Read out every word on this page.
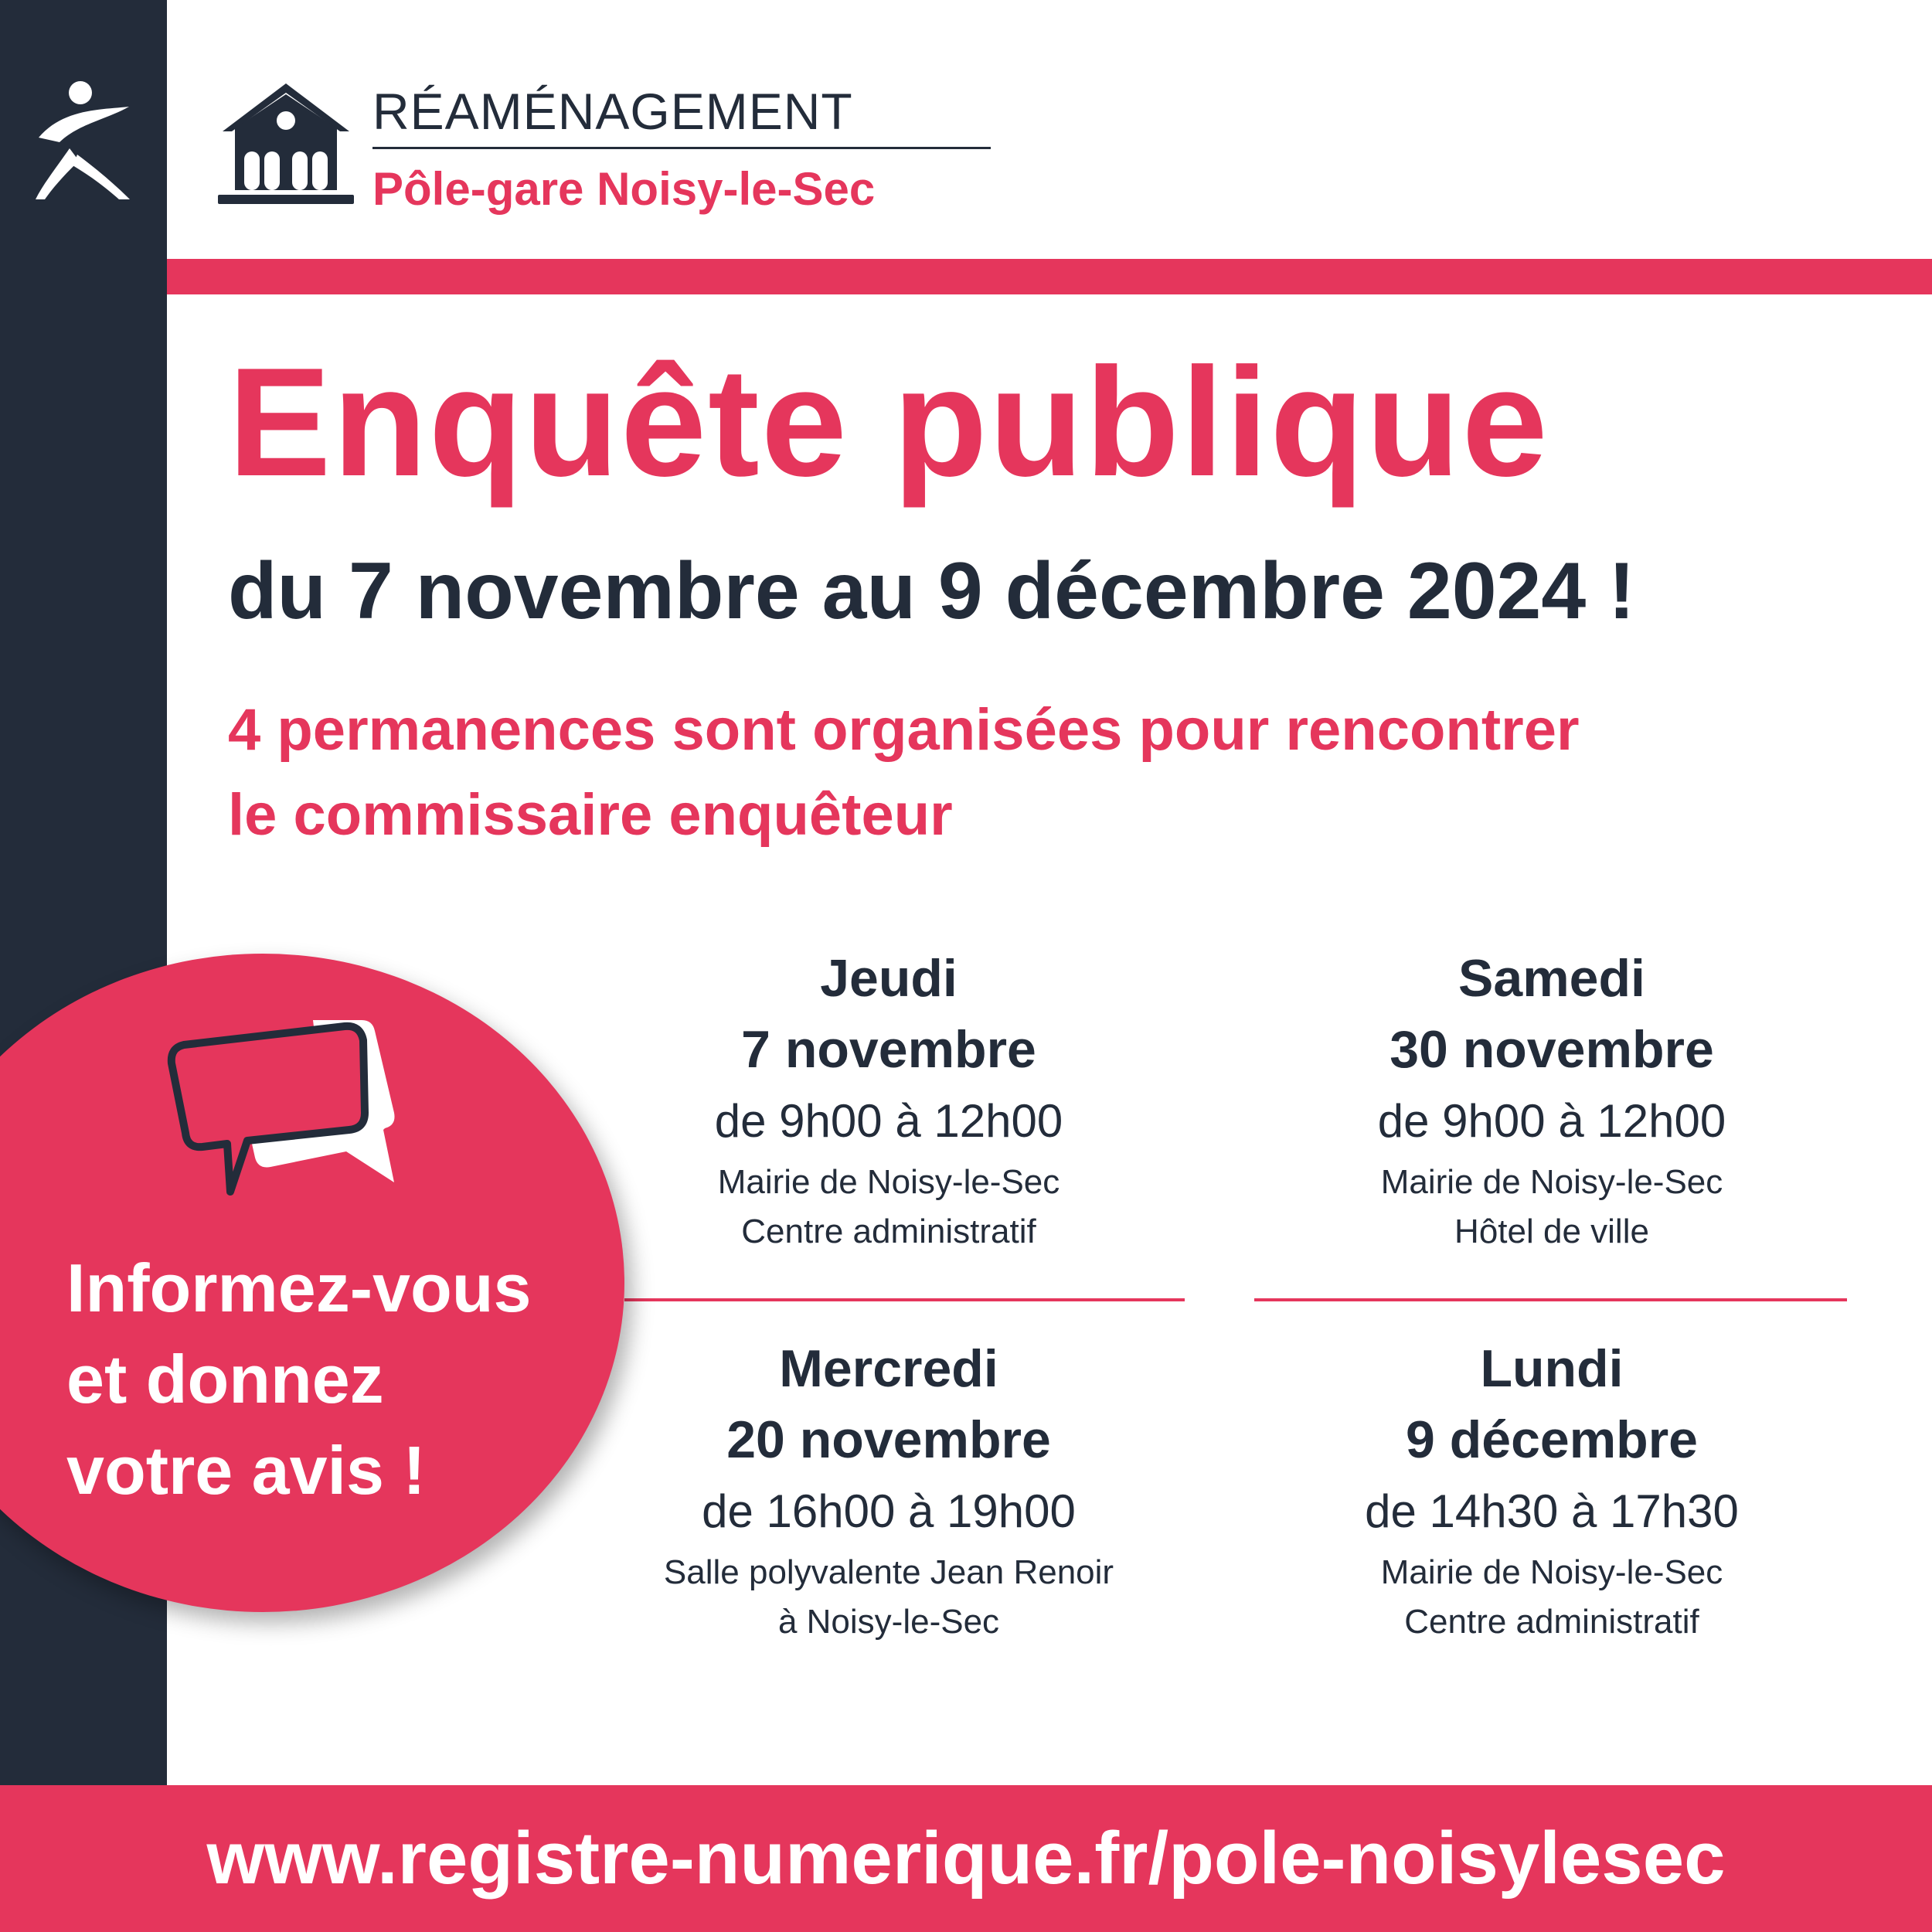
RÉAMÉNAGEMENT
Pôle-gare Noisy-le-Sec
Enquête publique
du 7 novembre au 9 décembre 2024 !
4 permanences sont organisées pour rencontrer
le commissaire enquêteur
Jeudi
7 novembre
de 9h00 à 12h00
Mairie de Noisy-le-Sec
Centre administratif
Samedi
30 novembre
de 9h00 à 12h00
Mairie de Noisy-le-Sec
Hôtel de ville
Mercredi
20 novembre
de 16h00 à 19h00
Salle polyvalente Jean Renoir
à Noisy-le-Sec
Lundi
9 décembre
de 14h30 à 17h30
Mairie de Noisy-le-Sec
Centre administratif
Informez-vous
et donnez
votre avis !
www.registre-numerique.fr/pole-noisylesec
